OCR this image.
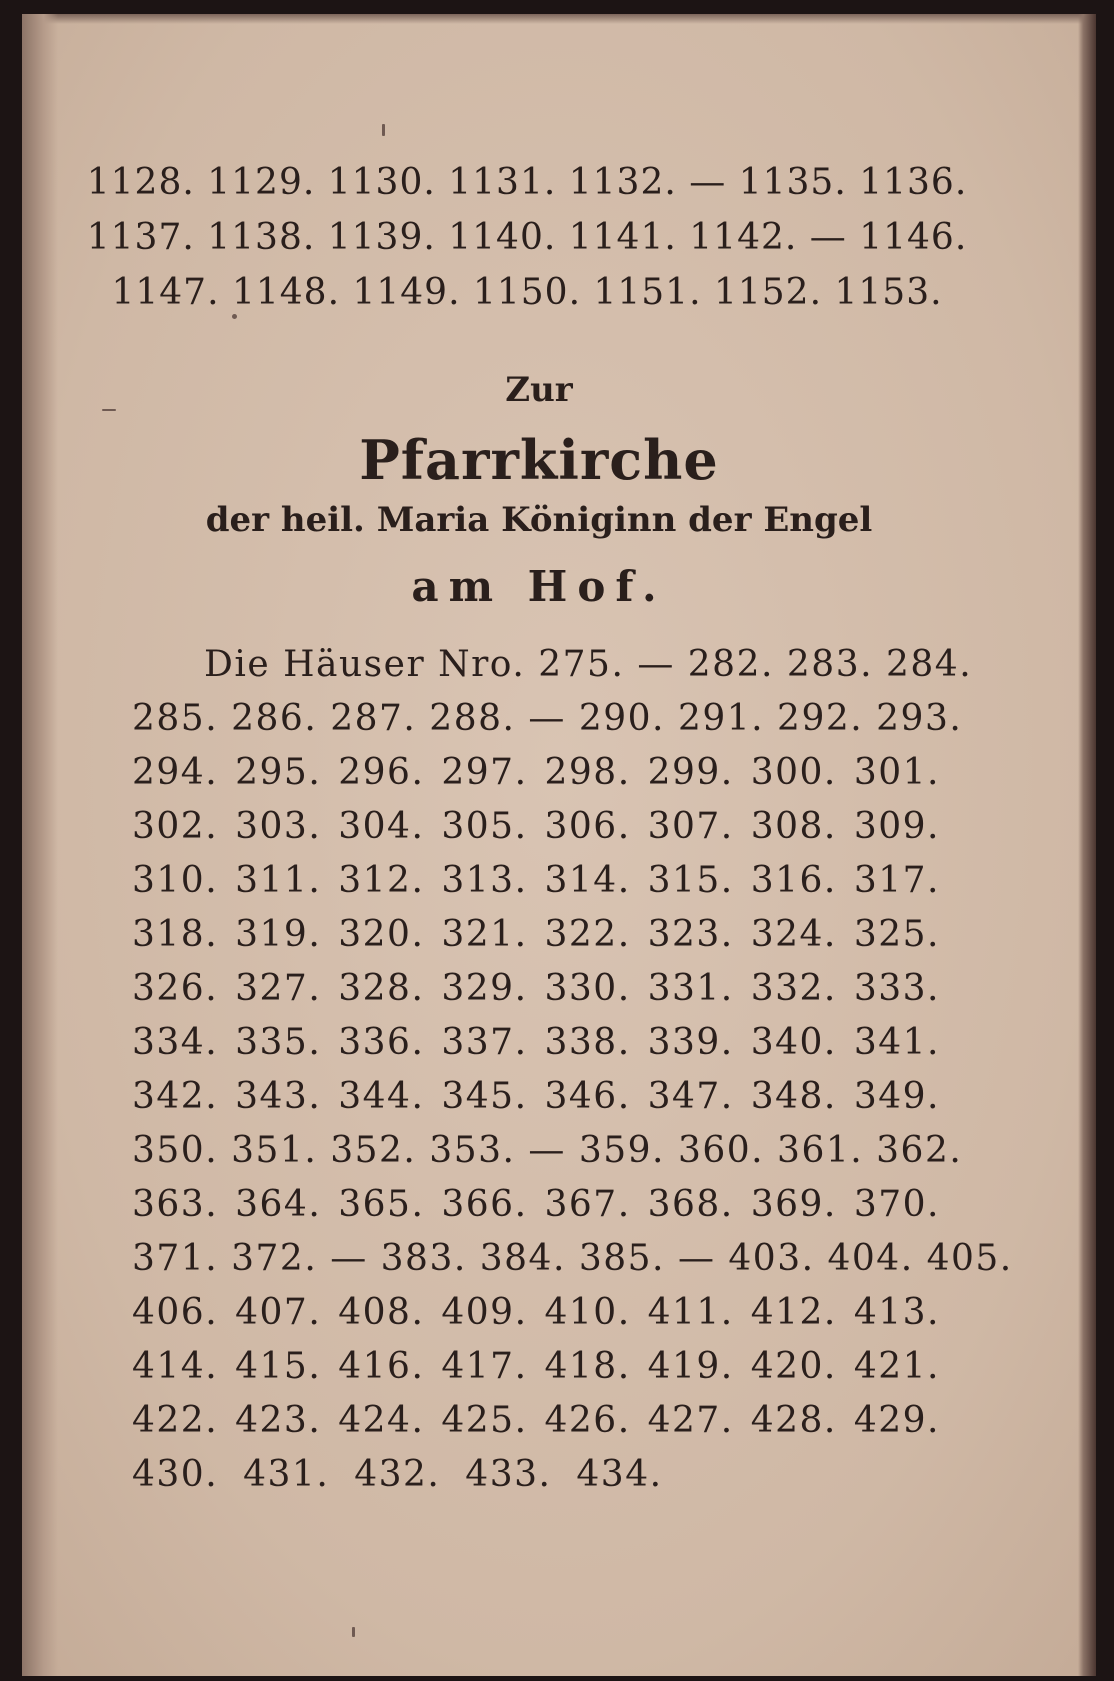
1128. 1129. 1130. 1131. 1132. — 1135. 1136.

1137. 1138. 1139. 1140. 1141. 1142. — 1146.

1147. 1148. 1149. 1150. 1151. 1152. 1153.

Zur

Pfarrkirche

der heil. Maria Königinn der Engel

am Hof.

Die Häuser Nro. 275. — 282. 283. 284.

285. 286. 287. 288. — 290. 291. 292. 293.

294. 295. 296. 297. 298. 299. 300. 301.

302. 303. 304. 305. 306. 307. 308. 309.

310. 311. 312. 313. 314. 315. 316. 317.

318. 319. 320. 321. 322. 323. 324. 325.

326. 327. 328. 329. 330. 331. 332. 333.

334. 335. 336. 337. 338. 339. 340. 341.

342. 343. 344. 345. 346. 347. 348. 349.

350. 351. 352. 353. — 359. 360. 361. 362.

363. 364. 365. 366. 367. 368. 369. 370.

371. 372. — 383. 384. 385. — 403. 404. 405.

406. 407. 408. 409. 410. 411. 412. 413.

414. 415. 416. 417. 418. 419. 420. 421.

422. 423. 424. 425. 426. 427. 428. 429.

430. 431. 432. 433. 434.
